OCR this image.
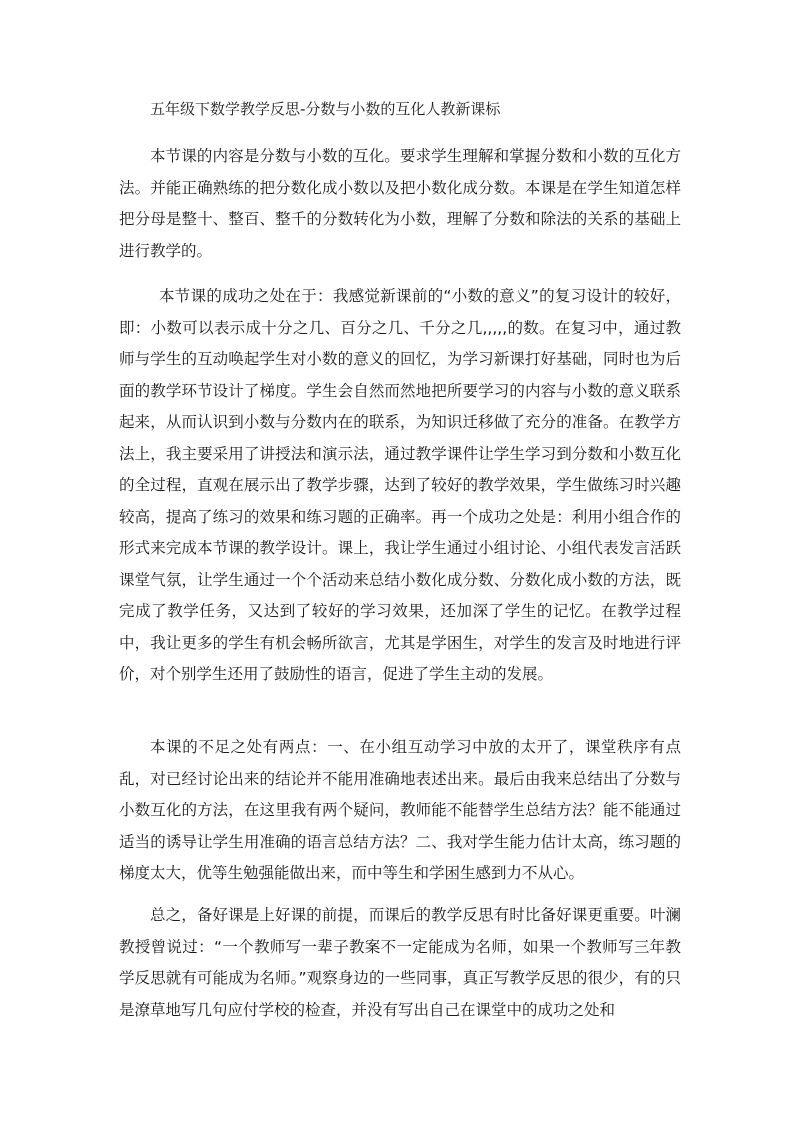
五年级下数学教学反思-分数与小数的互化人教新课标

本节课的内容是分数与小数的互化。要求学生理解和掌握分数和小数的互化方法。并能正确熟练的把分数化成小数以及把小数化成分数。本课是在学生知道怎样把分母是整十、整百、整千的分数转化为小数，理解了分数和除法的关系的基础上进行教学的。

本节课的成功之处在于：我感觉新课前的“小数的意义”的复习设计的较好，即：小数可以表示成十分之几、百分之几、千分之几,,,,,的数。在复习中，通过教师与学生的互动唤起学生对小数的意义的回忆，为学习新课打好基础，同时也为后面的教学环节设计了梯度。学生会自然而然地把所要学习的内容与小数的意义联系起来，从而认识到小数与分数内在的联系，为知识迁移做了充分的准备。在教学方法上，我主要采用了讲授法和演示法，通过教学课件让学生学习到分数和小数互化的全过程，直观在展示出了教学步骤，达到了较好的教学效果，学生做练习时兴趣较高，提高了练习的效果和练习题的正确率。再一个成功之处是：利用小组合作的形式来完成本节课的教学设计。课上，我让学生通过小组讨论、小组代表发言活跃课堂气氛，让学生通过一个个活动来总结小数化成分数、分数化成小数的方法，既完成了教学任务，又达到了较好的学习效果，还加深了学生的记忆。在教学过程中，我让更多的学生有机会畅所欲言，尤其是学困生，对学生的发言及时地进行评价，对个别学生还用了鼓励性的语言，促进了学生主动的发展。

本课的不足之处有两点：一、在小组互动学习中放的太开了，课堂秩序有点乱，对已经讨论出来的结论并不能用准确地表述出来。最后由我来总结出了分数与小数互化的方法，在这里我有两个疑问，教师能不能替学生总结方法？能不能通过适当的诱导让学生用准确的语言总结方法？二、我对学生能力估计太高，练习题的梯度太大，优等生勉强能做出来，而中等生和学困生感到力不从心。

总之，备好课是上好课的前提，而课后的教学反思有时比备好课更重要。叶澜教授曾说过：“一个教师写一辈子教案不一定能成为名师，如果一个教师写三年教学反思就有可能成为名师。”观察身边的一些同事，真正写教学反思的很少，有的只是潦草地写几句应付学校的检查，并没有写出自己在课堂中的成功之处和
